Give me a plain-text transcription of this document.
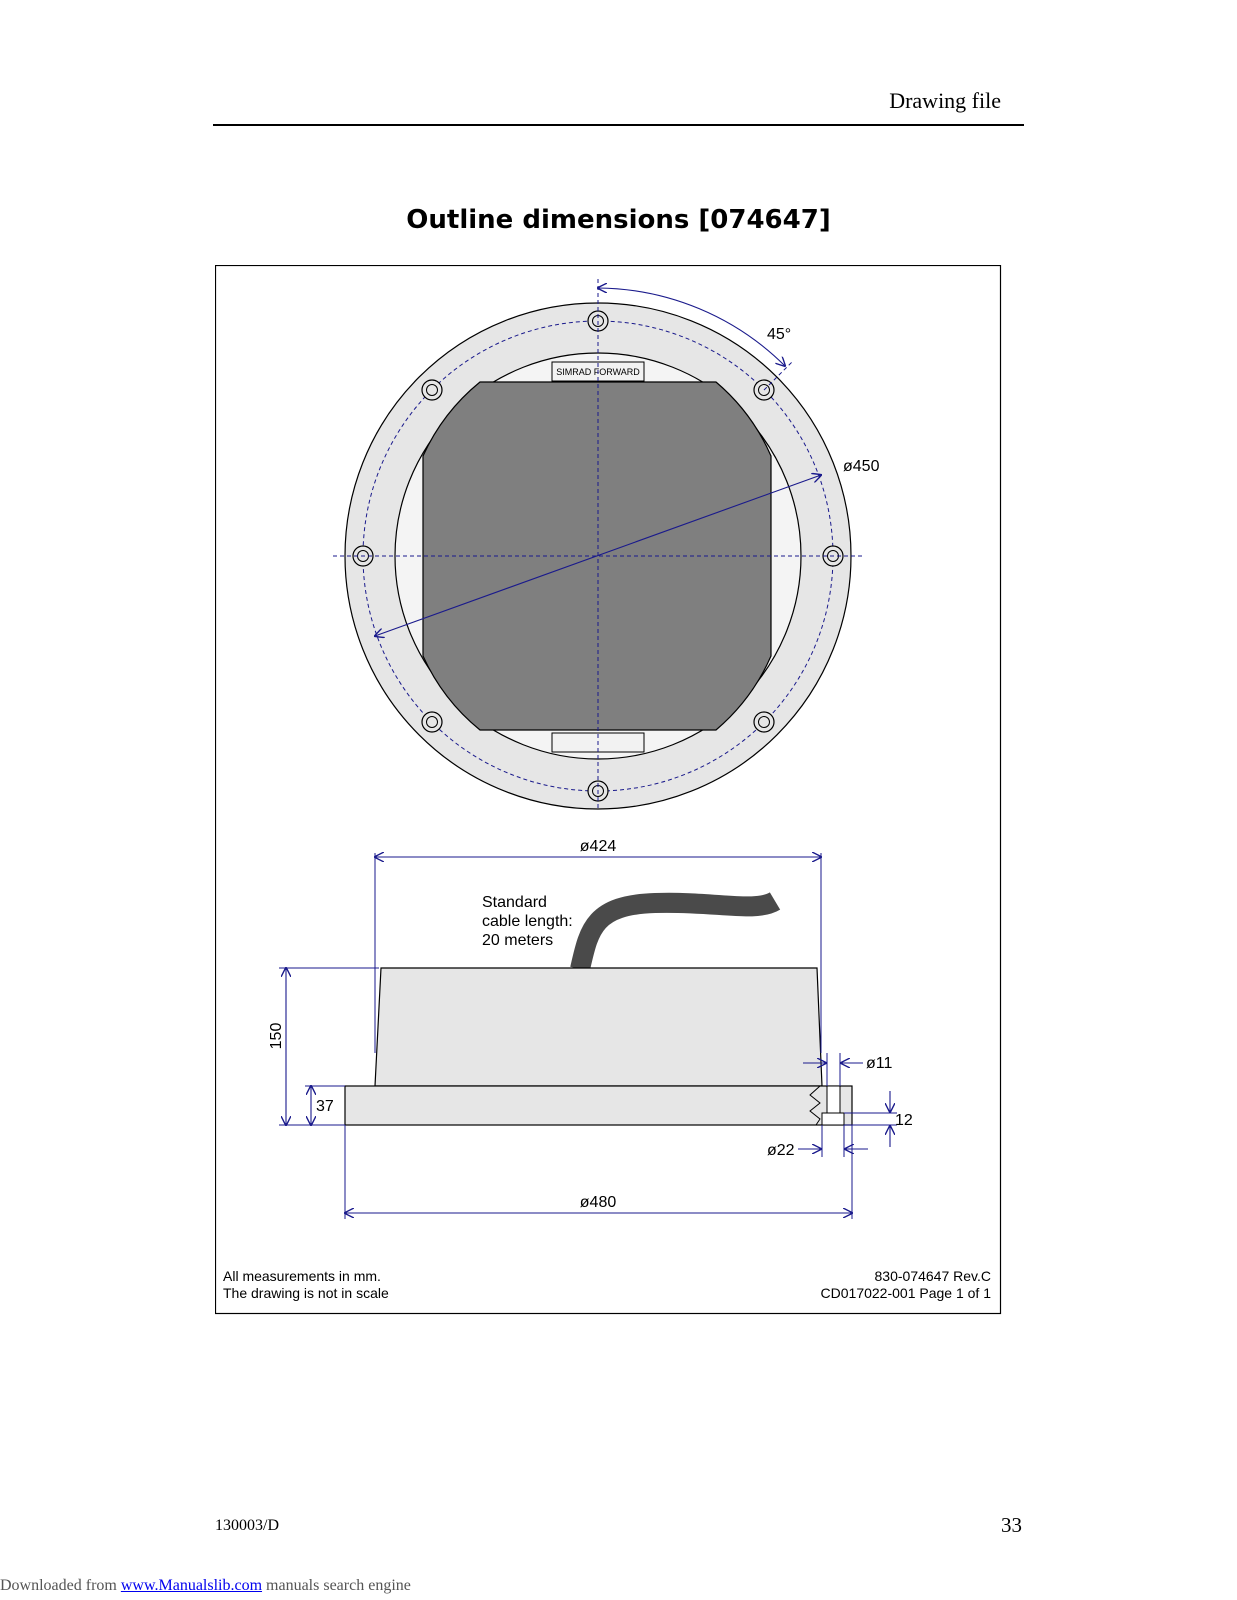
Drawing file
Outline dimensions [074647]
SIMRAD FORWARD
45°
ø450
ø424
Standard
cable length:
20 meters
150
37
ø11
12
ø22
ø480
All measurements in mm.
The drawing is not in scale
830-074647 Rev.C
CD017022-001 Page 1 of 1
130003/D	33
Downloaded from www.Manualslib.com manuals search engine
